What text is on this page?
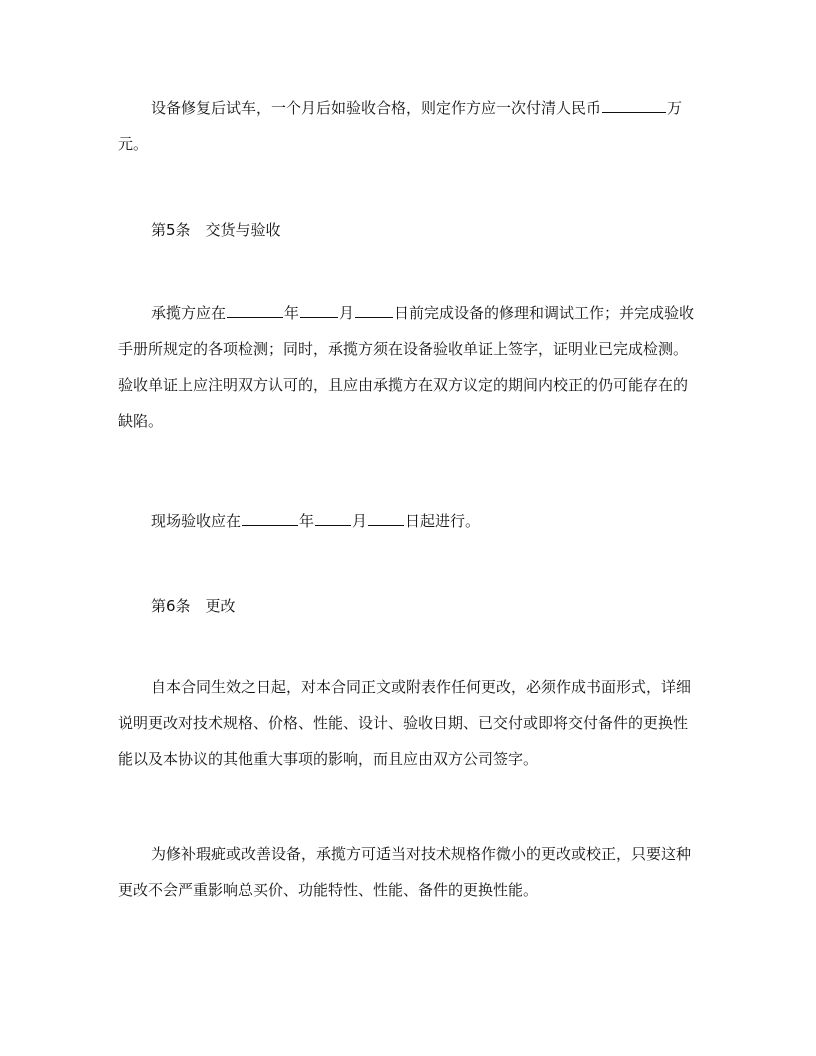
设备修复后试车，一个月后如验收合格，则定作方应一次付清人民币	万元。

第5条　交货与验收

承揽方应在	年	月	日前完成设备的修理和调试工作；并完成验收手册所规定的各项检测；同时，承揽方须在设备验收单证上签字，证明业已完成检测。验收单证上应注明双方认可的，且应由承揽方在双方议定的期间内校正的仍可能存在的缺陷。

现场验收应在	年	月	日起进行。

第6条　更改

自本合同生效之日起，对本合同正文或附表作任何更改，必须作成书面形式，详细说明更改对技术规格、价格、性能、设计、验收日期、已交付或即将交付备件的更换性能以及本协议的其他重大事项的影响，而且应由双方公司签字。

为修补瑕疵或改善设备，承揽方可适当对技术规格作微小的更改或校正，只要这种更改不会严重影响总买价、功能特性、性能、备件的更换性能。
